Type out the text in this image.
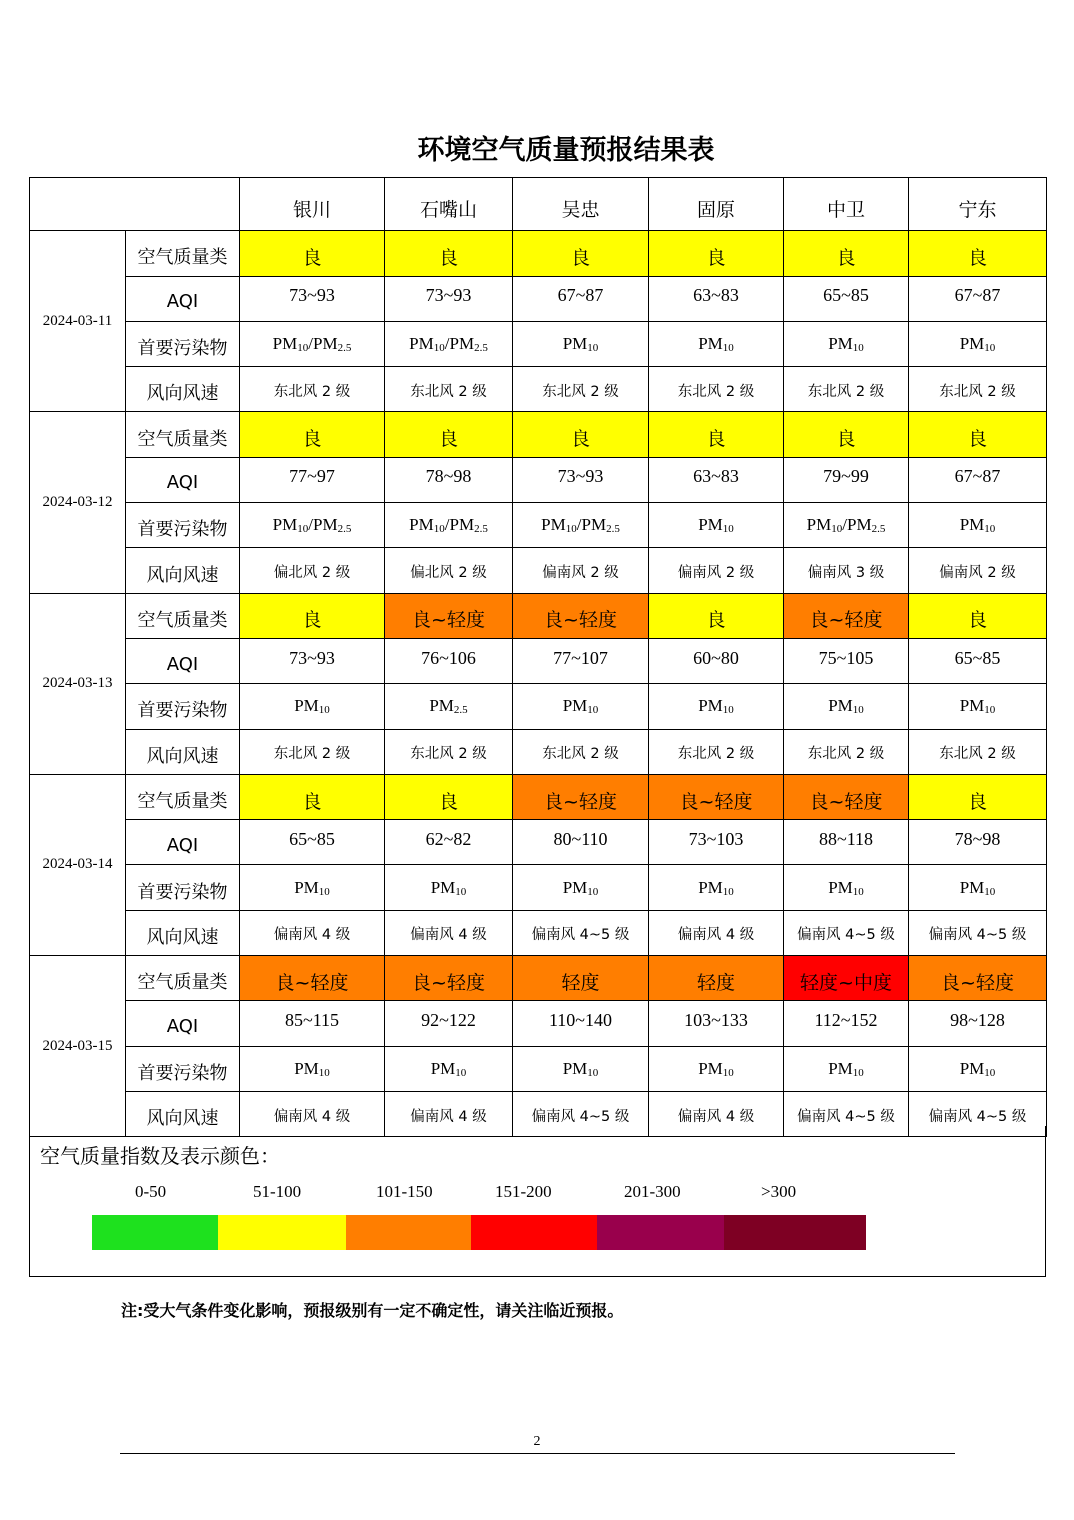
环境空气质量预报结果表
		银川	石嘴山	吴忠	固原	中卫	宁东
2024-03-11	空气质量类	良	良	良	良	良	良
	AQI	73~93	73~93	67~87	63~83	65~85	67~87
	首要污染物	$PM_{10}/PM_{2.5}$	$PM_{10}/PM_{2.5}$	$PM_{10}$	$PM_{10}$	$PM_{10}$	$PM_{10}$
	风向风速	东北风 2 级	东北风 2 级	东北风 2 级	东北风 2 级	东北风 2 级	东北风 2 级
2024-03-12	空气质量类	良	良	良	良	良	良
	AQI	77~97	78~98	73~93	63~83	79~99	67~87
	首要污染物	$PM_{10}/PM_{2.5}$	$PM_{10}/PM_{2.5}$	$PM_{10}/PM_{2.5}$	$PM_{10}$	$PM_{10}/PM_{2.5}$	$PM_{10}$
	风向风速	偏北风 2 级	偏北风 2 级	偏南风 2 级	偏南风 2 级	偏南风 3 级	偏南风 2 级
2024-03-13	空气质量类	良	良~轻度	良~轻度	良	良~轻度	良
	AQI	73~93	76~106	77~107	60~80	75~105	65~85
	首要污染物	$PM_{10}$	$PM_{2.5}$	$PM_{10}$	$PM_{10}$	$PM_{10}$	$PM_{10}$
	风向风速	东北风 2 级	东北风 2 级	东北风 2 级	东北风 2 级	东北风 2 级	东北风 2 级
2024-03-14	空气质量类	良	良	良~轻度	良~轻度	良~轻度	良
	AQI	65~85	62~82	80~110	73~103	88~118	78~98
	首要污染物	$PM_{10}$	$PM_{10}$	$PM_{10}$	$PM_{10}$	$PM_{10}$	$PM_{10}$
	风向风速	偏南风 4 级	偏南风 4 级	偏南风 4~5 级	偏南风 4 级	偏南风 4~5 级	偏南风 4~5 级
2024-03-15	空气质量类	良~轻度	良~轻度	轻度	轻度	轻度~中度	良~轻度
	AQI	85~115	92~122	110~140	103~133	112~152	98~128
	首要污染物	$PM_{10}$	$PM_{10}$	$PM_{10}$	$PM_{10}$	$PM_{10}$	$PM_{10}$
	风向风速	偏南风 4 级	偏南风 4 级	偏南风 4~5 级	偏南风 4 级	偏南风 4~5 级	偏南风 4~5 级
空气质量指数及表示颜色：
0-50	51-100	101-150	151-200	201-300	>300
注:受大气条件变化影响，预报级别有一定不确定性，请关注临近预报。
2
